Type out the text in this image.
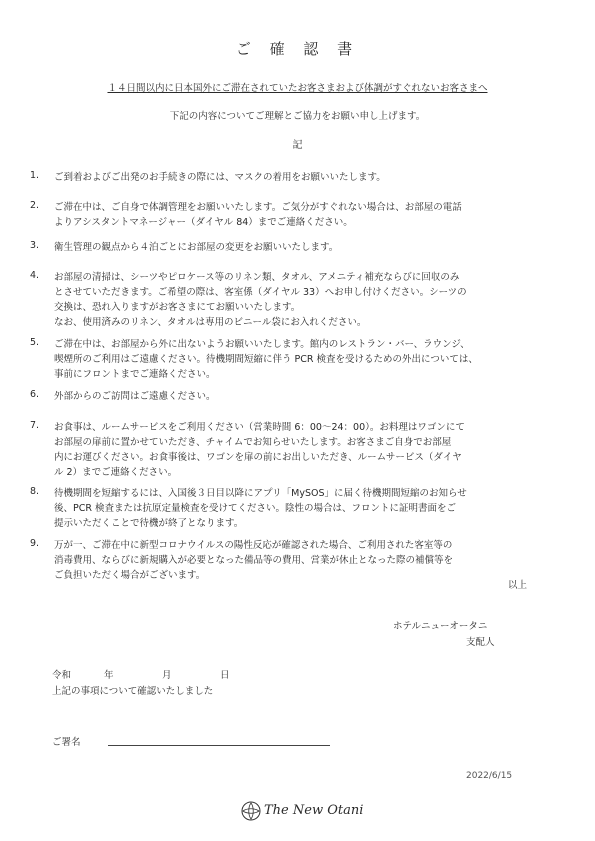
ご 確 認 書
１４日間以内に日本国外にご滞在されていたお客さまおよび体調がすぐれないお客さまへ
下記の内容についてご理解とご協力をお願い申し上げます。
記
1. ご到着およびご出発のお手続きの際には、マスクの着用をお願いいたします。
2. ご滞在中は、ご自身で体調管理をお願いいたします。ご気分がすぐれない場合は、お部屋の電話
よりアシスタントマネージャー（ダイヤル 84）までご連絡ください。
3. 衛生管理の観点から４泊ごとにお部屋の変更をお願いいたします。
4. お部屋の清掃は、シーツやピロケース等のリネン類、タオル、アメニティ補充ならびに回収のみ
とさせていただきます。ご希望の際は、客室係（ダイヤル 33）へお申し付けください。シーツの
交換は、恐れ入りますがお客さまにてお願いいたします。
なお、使用済みのリネン、タオルは専用のビニール袋にお入れください。
5. ご滞在中は、お部屋から外に出ないようお願いいたします。館内のレストラン・バー、ラウンジ、
喫煙所のご利用はご遠慮ください。待機期間短縮に伴う PCR 検査を受けるための外出については、
事前にフロントまでご連絡ください。
6. 外部からのご訪問はご遠慮ください。
7. お食事は、ルームサービスをご利用ください（営業時間 6：00～24：00）。お料理はワゴンにて
お部屋の扉前に置かせていただき、チャイムでお知らせいたします。お客さまご自身でお部屋
内にお運びください。お食事後は、ワゴンを扉の前にお出しいただき、ルームサービス（ダイヤ
ル 2）までご連絡ください。
8. 待機期間を短縮するには、入国後３日目以降にアプリ「MySOS」に届く待機期間短縮のお知らせ
後、PCR 検査または抗原定量検査を受けてください。陰性の場合は、フロントに証明書面をご
提示いただくことで待機が終了となります。
9. 万が一、ご滞在中に新型コロナウイルスの陽性反応が確認された場合、ご利用された客室等の
消毒費用、ならびに新規購入が必要となった備品等の費用、営業が休止となった際の補償等を
ご負担いただく場合がございます。
以上
ホテルニューオータニ
支配人
令和	年	月	日
上記の事項について確認いたしました
ご署名
2022/6/15
The New Otani
